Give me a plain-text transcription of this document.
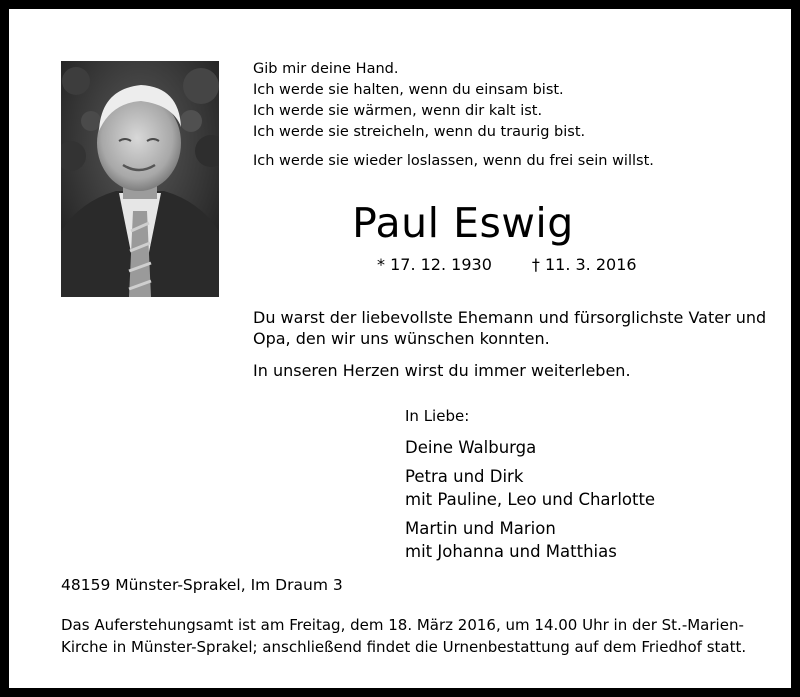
Gib mir deine Hand.
Ich werde sie halten, wenn du einsam bist.
Ich werde sie wärmen, wenn dir kalt ist.
Ich werde sie streicheln, wenn du traurig bist.
Ich werde sie wieder loslassen, wenn du frei sein willst.
Paul Eswig
* 17. 12. 1930	† 11. 3. 2016
Du warst der liebevollste Ehemann und fürsorglichste Vater und Opa, den wir uns wünschen konnten.
In unseren Herzen wirst du immer weiterleben.
In Liebe:
Deine Walburga
Petra und Dirk
mit Pauline, Leo und Charlotte
Martin und Marion
mit Johanna und Matthias
48159 Münster-Sprakel, Im Draum 3
Das Auferstehungsamt ist am Freitag, dem 18. März 2016, um 14.00 Uhr in der St.-Marien-
Kirche in Münster-Sprakel; anschließend findet die Urnenbestattung auf dem Friedhof statt.
